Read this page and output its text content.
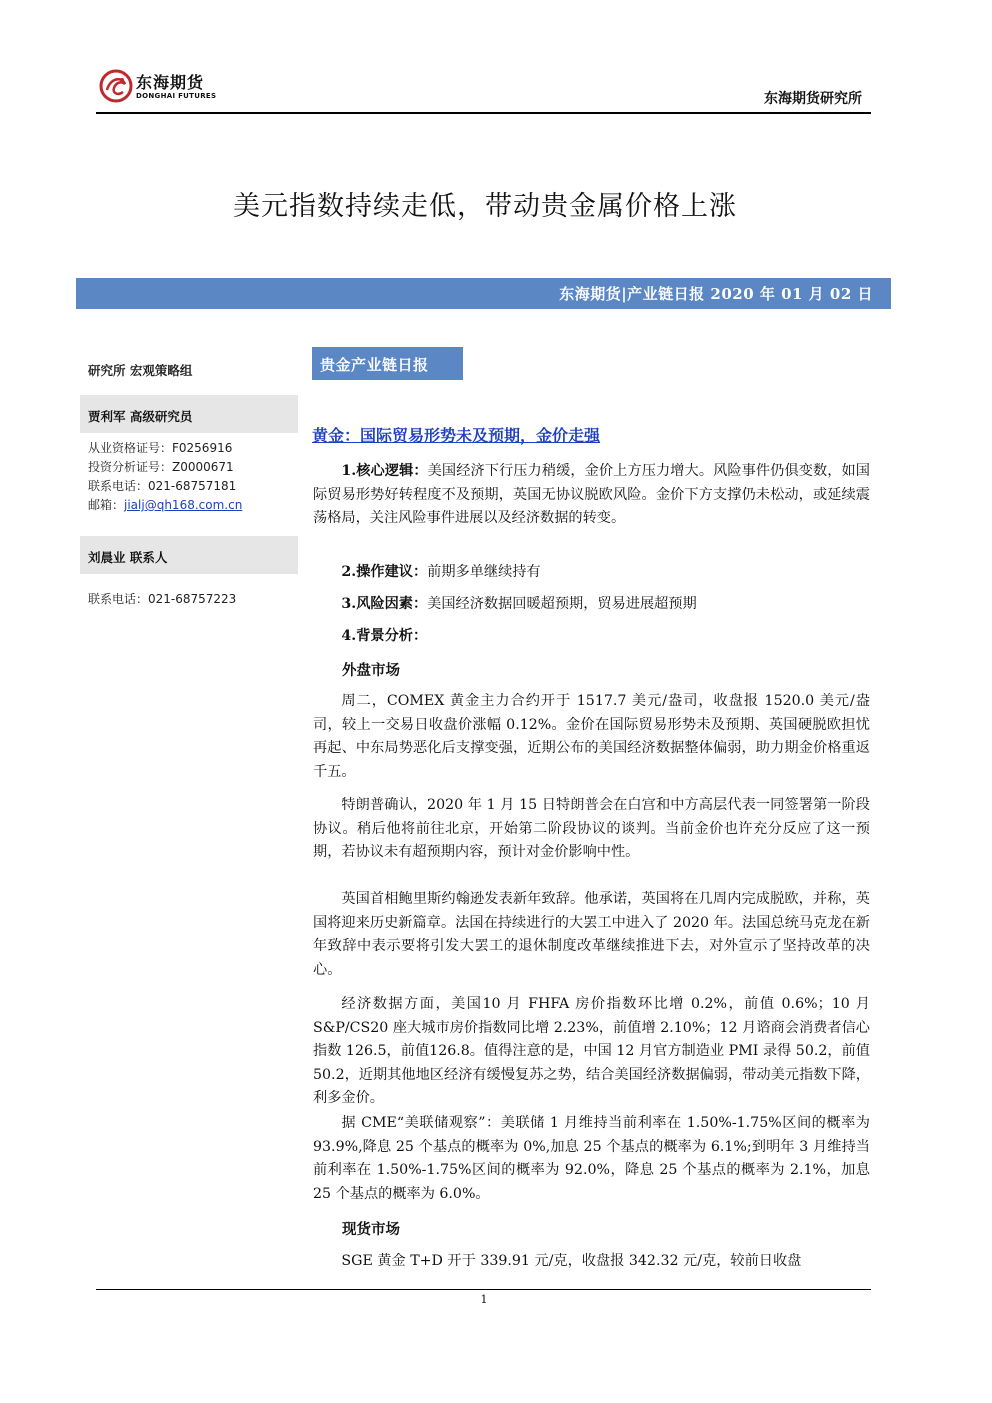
东海期货
DONGHAI FUTURES	东海期货研究所
美元指数持续走低，带动贵金属价格上涨
东海期货|产业链日报 2020 年 01 月 02 日
研究所 宏观策略组
贾利军 高级研究员
从业资格证号：F0256916
投资分析证号：Z0000671
联系电话：021-68757181
邮箱：jialj@qh168.com.cn
刘晨业 联系人
联系电话：021-68757223
贵金产业链日报
黄金：国际贸易形势未及预期，金价走强

1.核心逻辑：美国经济下行压力稍缓，金价上方压力增大。风险事件仍俱变数，如国际贸易形势好转程度不及预期，英国无协议脱欧风险。金价下方支撑仍未松动，或延续震荡格局，关注风险事件进展以及经济数据的转变。

2.操作建议：前期多单继续持有

3.风险因素：美国经济数据回暖超预期，贸易进展超预期

4.背景分析：

外盘市场

周二，COMEX 黄金主力合约开于 1517.7 美元/盎司，收盘报 1520.0 美元/盎司，较上一交易日收盘价涨幅 0.12%。金价在国际贸易形势未及预期、英国硬脱欧担忧再起、中东局势恶化后支撑变强，近期公布的美国经济数据整体偏弱，助力期金价格重返千五。

特朗普确认，2020 年 1 月 15 日特朗普会在白宫和中方高层代表一同签署第一阶段协议。稍后他将前往北京，开始第二阶段协议的谈判。当前金价也许充分反应了这一预期，若协议未有超预期内容，预计对金价影响中性。

英国首相鲍里斯约翰逊发表新年致辞。他承诺，英国将在几周内完成脱欧，并称，英国将迎来历史新篇章。法国在持续进行的大罢工中进入了 2020 年。法国总统马克龙在新年致辞中表示要将引发大罢工的退休制度改革继续推进下去，对外宣示了坚持改革的决心。

经济数据方面，美国10 月 FHFA 房价指数环比增 0.2%，前值 0.6%；10 月 S&P/CS20 座大城市房价指数同比增 2.23%，前值增 2.10%；12 月谘商会消费者信心指数 126.5，前值126.8。值得注意的是，中国 12 月官方制造业 PMI 录得 50.2，前值 50.2，近期其他地区经济有缓慢复苏之势，结合美国经济数据偏弱，带动美元指数下降，利多金价。

据 CME“美联储观察”：美联储 1 月维持当前利率在 1.50%-1.75%区间的概率为 93.9%,降息 25 个基点的概率为 0%,加息 25 个基点的概率为 6.1%;到明年 3 月维持当前利率在 1.50%-1.75%区间的概率为 92.0%，降息 25 个基点的概率为 2.1%，加息 25 个基点的概率为 6.0%。

现货市场

SGE 黄金 T+D 开于 339.91 元/克，收盘报 342.32 元/克，较前日收盘

1
